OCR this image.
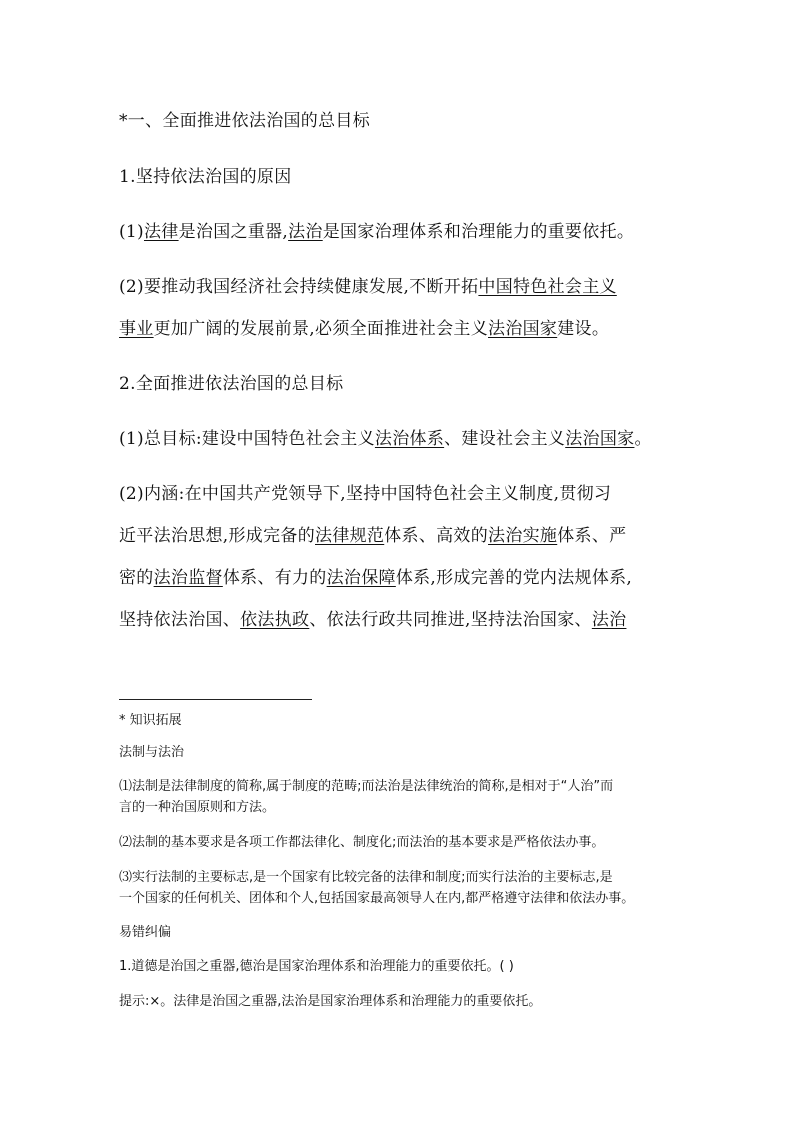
*一、全面推进依法治国的总目标

1.坚持依法治国的原因

(1)法律是治国之重器,法治是国家治理体系和治理能力的重要依托。

(2)要推动我国经济社会持续健康发展,不断开拓中国特色社会主义

事业更加广阔的发展前景,必须全面推进社会主义法治国家建设。

2.全面推进依法治国的总目标

(1)总目标:建设中国特色社会主义法治体系、建设社会主义法治国家。

(2)内涵:在中国共产党领导下,坚持中国特色社会主义制度,贯彻习

近平法治思想,形成完备的法律规范体系、高效的法治实施体系、严

密的法治监督体系、有力的法治保障体系,形成完善的党内法规体系,

坚持依法治国、依法执政、依法行政共同推进,坚持法治国家、法治

* 知识拓展

法制与法治

⑴法制是法律制度的简称,属于制度的范畴;而法治是法律统治的简称,是相对于“人治”而

言的一种治国原则和方法。

⑵法制的基本要求是各项工作都法律化、制度化;而法治的基本要求是严格依法办事。

⑶实行法制的主要标志,是一个国家有比较完备的法律和制度;而实行法治的主要标志,是

一个国家的任何机关、团体和个人,包括国家最高领导人在内,都严格遵守法律和依法办事。

易错纠偏

1.道德是治国之重器,德治是国家治理体系和治理能力的重要依托。( )

提示:×。法律是治国之重器,法治是国家治理体系和治理能力的重要依托。
